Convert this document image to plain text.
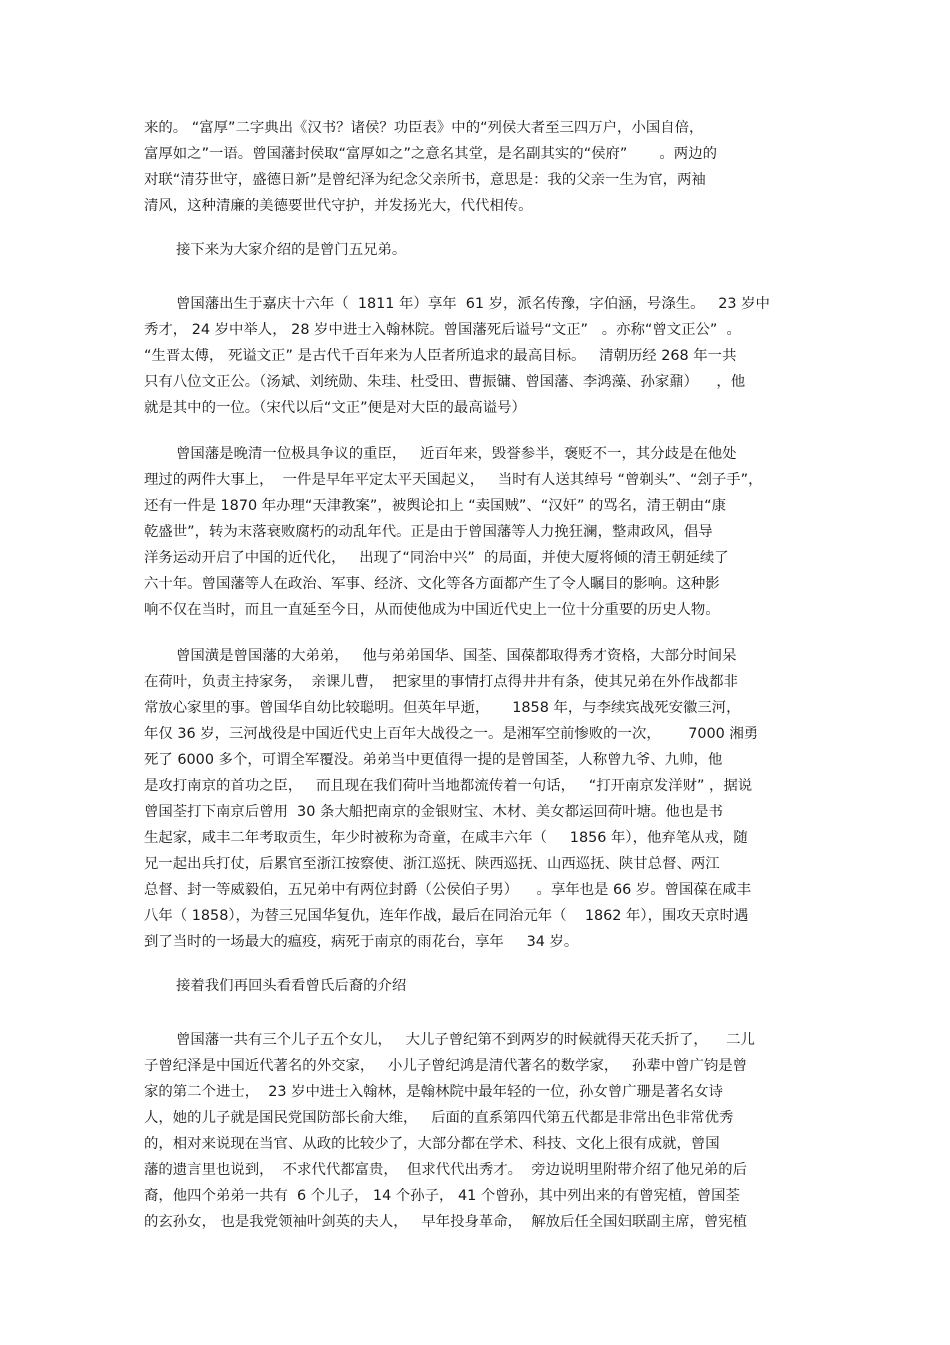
来的。 “富厚”二字典出《汉书？诸侯？功臣表》中的“列侯大者至三四万户，小国自倍，
富厚如之”一语。曾国藩封侯取“富厚如之”之意名其堂，是名副其实的“侯府”       。两边的
对联“清芬世守，盛德日新”是曾纪泽为纪念父亲所书，意思是：我的父亲一生为官，两袖
清风，这种清廉的美德要世代守护，并发扬光大，代代相传。
接下来为大家介绍的是曾门五兄弟。
曾国藩出生于嘉庆十六年（  1811 年）享年  61 岁，派名传豫，字伯涵，号涤生。   23 岁中
秀才， 24 岁中举人， 28 岁中进士入翰林院。曾国藩死后谥号“文正”   。亦称“曾文正公”  。
“生晋太傅， 死谥文正” 是古代千百年来为人臣者所追求的最高目标。   清朝历经 268 年一共
只有八位文正公。（汤斌、刘统勋、朱珪、杜受田、曹振镛、曾国藩、李鸿藻、孙家鼐）    ，他
就是其中的一位。（宋代以后“文正”便是对大臣的最高谥号）
曾国藩是晚清一位极具争议的重臣，   近百年来，毁誉参半，褒贬不一，其分歧是在他处
理过的两件大事上，  一件是早年平定太平天国起义，   当时有人送其绰号 “曾剃头”、“刽子手”，
还有一件是 1870 年办理“天津教案”，被舆论扣上 “卖国贼”、“汉奸” 的骂名，清王朝由“康
乾盛世”，转为末落衰败腐朽的动乱年代。正是由于曾国藩等人力挽狂澜，整肃政风，倡导
洋务运动开启了中国的近代化，   出现了“同治中兴”  的局面，并使大厦将倾的清王朝延续了
六十年。曾国藩等人在政治、军事、经济、文化等各方面都产生了令人瞩目的影响。这种影
响不仅在当时，而且一直延至今日，从而使他成为中国近代史上一位十分重要的历史人物。
曾国潢是曾国藩的大弟弟，   他与弟弟国华、国荃、国葆都取得秀才资格，大部分时间呆
在荷叶，负责主持家务，  亲课儿曹，  把家里的事情打点得井井有条，使其兄弟在外作战都非
常放心家里的事。曾国华自幼比较聪明。但英年早逝，     1858 年，与李续宾战死安徽三河，
年仅 36 岁，三河战役是中国近代史上百年大战役之一。是湘军空前惨败的一次，      7000 湘勇
死了 6000 多个，可谓全军覆没。弟弟当中更值得一提的是曾国荃，人称曾九爷、九帅，他
是攻打南京的首功之臣，   而且现在我们荷叶当地都流传着一句话，   “打开南京发洋财” ，据说
曾国荃打下南京后曾用  30 条大船把南京的金银财宝、木材、美女都运回荷叶塘。他也是书
生起家，咸丰二年考取贡生，年少时被称为奇童，在咸丰六年（     1856 年），他弃笔从戎，随
兄一起出兵打仗，后累官至浙江按察使、浙江巡抚、陕西巡抚、山西巡抚、陕甘总督、两江
总督、封一等威毅伯，五兄弟中有两位封爵（公侯伯子男）    。享年也是 66 岁。曾国葆在咸丰
八年（ 1858），为替三兄国华复仇，连年作战，最后在同治元年（    1862 年），围攻天京时遇
到了当时的一场最大的瘟疫，病死于南京的雨花台，享年     34 岁。
接着我们再回头看看曾氏后裔的介绍
曾国藩一共有三个儿子五个女儿，   大儿子曾纪第不到两岁的时候就得天花夭折了，    二儿
子曾纪泽是中国近代著名的外交家，   小儿子曾纪鸿是清代著名的数学家，   孙辈中曾广钧是曾
家的第二个进士，  23 岁中进士入翰林，是翰林院中最年轻的一位，孙女曾广珊是著名女诗
人，她的儿子就是国民党国防部长俞大维，   后面的直系第四代第五代都是非常出色非常优秀
的，相对来说现在当官、从政的比较少了，大部分都在学术、科技、文化上很有成就，曾国
藩的遗言里也说到，  不求代代都富贵，  但求代代出秀才。  旁边说明里附带介绍了他兄弟的后
裔，他四个弟弟一共有  6 个儿子， 14 个孙子， 41 个曾孙，其中列出来的有曾宪植，曾国荃
的玄孙女， 也是我党领袖叶剑英的夫人，   早年投身革命，  解放后任全国妇联副主席，曾宪植
